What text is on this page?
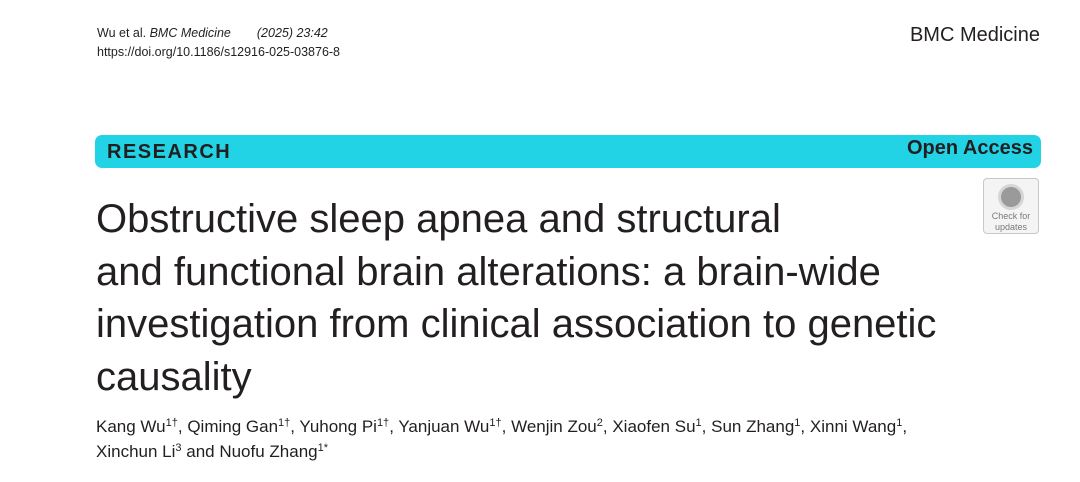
Wu et al. BMC Medicine (2025) 23:42
https://doi.org/10.1186/s12916-025-03876-8
BMC Medicine
RESEARCH	Open Access
Check for
updates
Obstructive sleep apnea and structural
and functional brain alterations: a brain-wide
investigation from clinical association to genetic
causality
Kang $Wu^{1\dagger}$, Qiming Gan$^{1\dagger}$, Yuhong $Pi^{1\dagger}$, Yanjuan $Wu^{1\dagger}$, Wenjin Zou$^2$, Xiaofen Su$^1$, Sun Zhang$^1$, Xinni Wang$^1$,
Xinchun Li$^3$ and Nuofu Zhang$^{1*}$
